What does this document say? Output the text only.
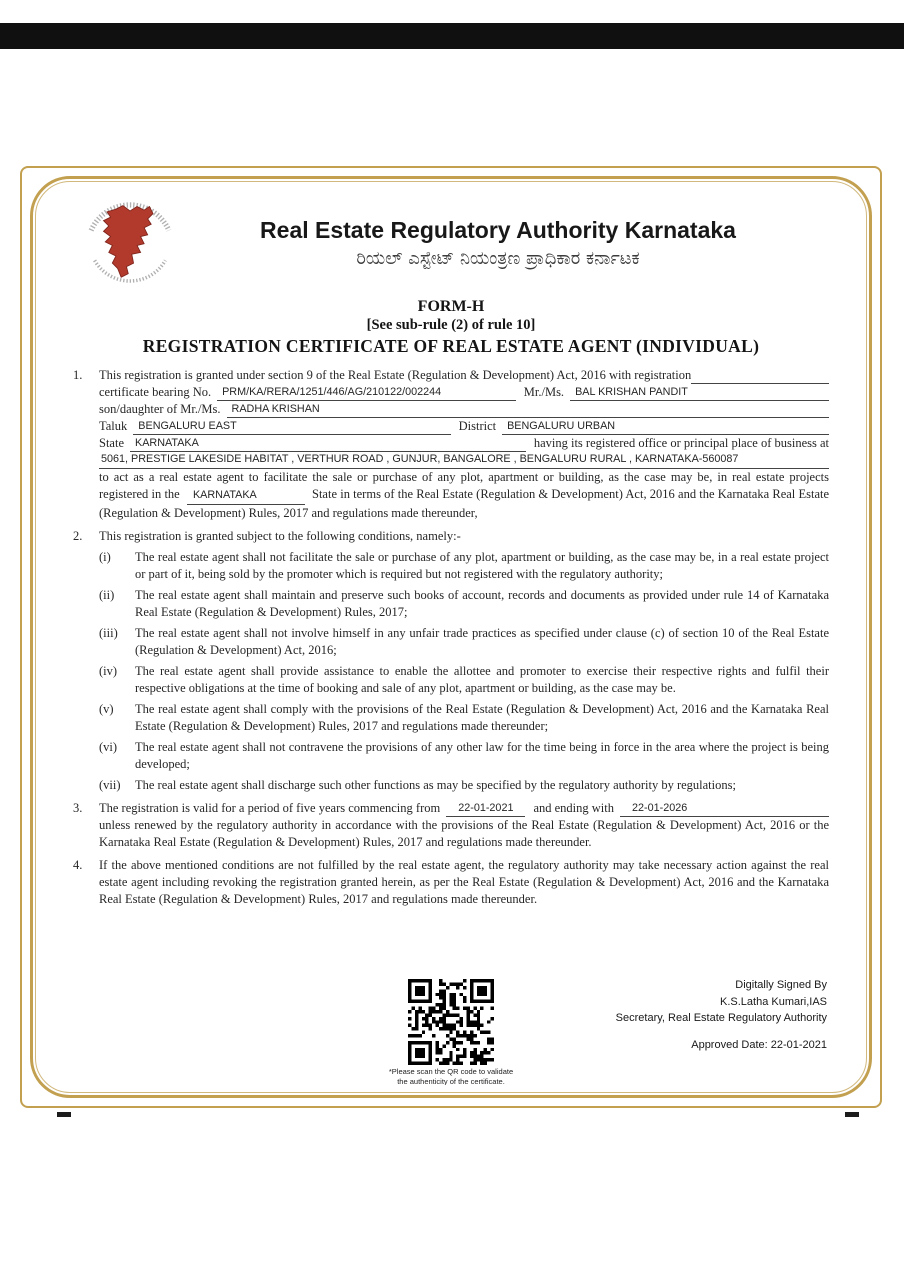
Real Estate Regulatory Authority Karnataka
ರಿಯಲ್ ಎಸ್ಟೇಟ್ ನಿಯಂತ್ರಣ ಪ್ರಾಧಿಕಾರ ಕರ್ನಾಟಕ
FORM-H
[See sub-rule (2) of rule 10]
REGISTRATION CERTIFICATE OF REAL ESTATE AGENT (INDIVIDUAL)
1.	This registration is granted under section 9 of the Real Estate (Regulation & Development) Act, 2016 with registration
certificate bearing No.	PRM/KA/RERA/1251/446/AG/210122/002244	Mr./Ms.	BAL KRISHAN PANDIT
son/daughter of Mr./Ms.	RADHA KRISHAN
Taluk	BENGALURU EAST	District	BENGALURU URBAN
State	KARNATAKA	having its registered office or principal place of business at
5061, PRESTIGE LAKESIDE HABITAT , VERTHUR ROAD , GUNJUR, BANGALORE , BENGALURU RURAL , KARNATAKA-560087
to act as a real estate agent to facilitate the sale or purchase of any plot, apartment or building, as the case may be, in real estate projects registered in the KARNATAKA	State in terms of the Real Estate (Regulation & Development) Act, 2016 and the Karnataka Real Estate (Regulation & Development) Rules, 2017 and regulations made thereunder,
2.	This registration is granted subject to the following conditions, namely:-
(i)	The real estate agent shall not facilitate the sale or purchase of any plot, apartment or building, as the case may be, in a real estate project or part of it, being sold by the promoter which is required but not registered with the regulatory authority;
(ii)	The real estate agent shall maintain and preserve such books of account, records and documents as provided under rule 14 of Karnataka Real Estate (Regulation & Development) Rules, 2017;
(iii)	The real estate agent shall not involve himself in any unfair trade practices as specified under clause (c) of section 10 of the Real Estate (Regulation & Development) Act, 2016;
(iv)	The real estate agent shall provide assistance to enable the allottee and promoter to exercise their respective rights and fulfil their respective obligations at the time of booking and sale of any plot, apartment or building, as the case may be.
(v)	The real estate agent shall comply with the provisions of the Real Estate (Regulation & Development) Act, 2016 and the Karnataka Real Estate (Regulation & Development) Rules, 2017 and regulations made thereunder;
(vi)	The real estate agent shall not contravene the provisions of any other law for the time being in force in the area where the project is being developed;
(vii)	The real estate agent shall discharge such other functions as may be specified by the regulatory authority by regulations;
3.	The registration is valid for a period of five years commencing from	22-01-2021	and ending with	22-01-2026
unless renewed by the regulatory authority in accordance with the provisions of the Real Estate (Regulation & Development) Act, 2016 or the Karnataka Real Estate (Regulation & Development) Rules, 2017 and regulations made thereunder.
4.	If the above mentioned conditions are not fulfilled by the real estate agent, the regulatory authority may take necessary action against the real estate agent including revoking the registration granted herein, as per the Real Estate (Regulation & Development) Act, 2016 and the Karnataka Real Estate (Regulation & Development) Rules, 2017 and regulations made thereunder.
*Please scan the QR code to validate
the authenticity of the certificate.
Digitally Signed By
K.S.Latha Kumari,IAS
Secretary, Real Estate Regulatory Authority
Approved Date: 22-01-2021
